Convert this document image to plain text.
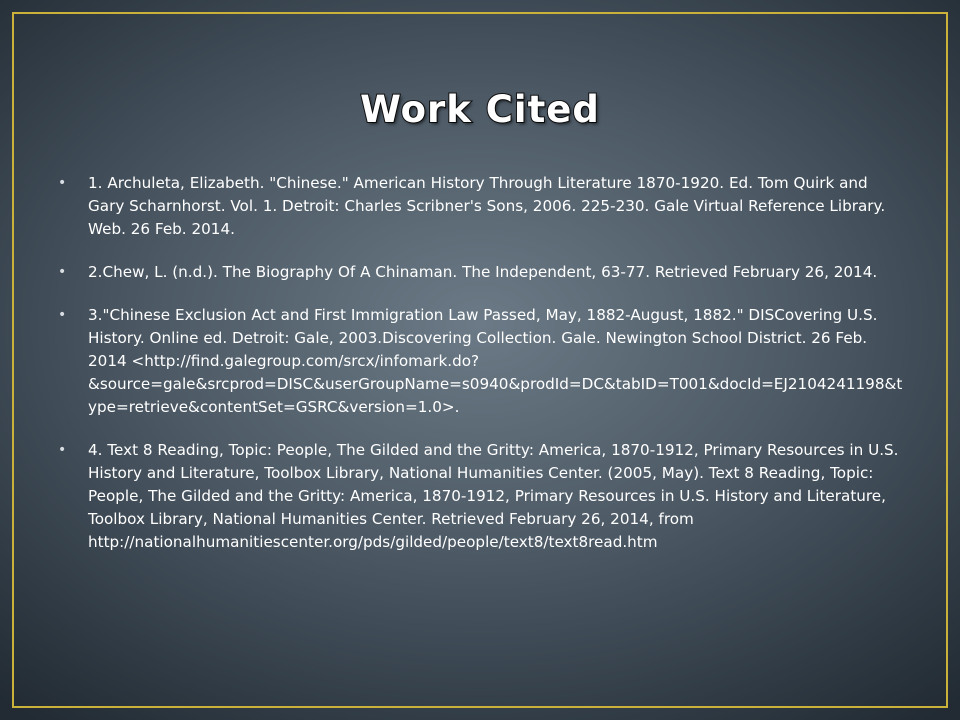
Work Cited
• 1. Archuleta, Elizabeth. "Chinese." American History Through Literature 1870-1920. Ed. Tom Quirk and Gary Scharnhorst. Vol. 1. Detroit: Charles Scribner's Sons, 2006. 225-230. Gale Virtual Reference Library. Web. 26 Feb. 2014.
• 2.Chew, L. (n.d.). The Biography Of A Chinaman. The Independent, 63-77. Retrieved February 26, 2014.
• 3."Chinese Exclusion Act and First Immigration Law Passed, May, 1882-August, 1882." DISCovering U.S. History. Online ed. Detroit: Gale, 2003.Discovering Collection. Gale. Newington School District. 26 Feb. 2014 <http://find.galegroup.com/srcx/infomark.do?&source=gale&srcprod=DISC&userGroupName=s0940&prodId=DC&tabID=T001&docId=EJ2104241198&type=retrieve&contentSet=GSRC&version=1.0>.
• 4. Text 8 Reading, Topic: People, The Gilded and the Gritty: America, 1870-1912, Primary Resources in U.S. History and Literature, Toolbox Library, National Humanities Center. (2005, May). Text 8 Reading, Topic: People, The Gilded and the Gritty: America, 1870-1912, Primary Resources in U.S. History and Literature, Toolbox Library, National Humanities Center. Retrieved February 26, 2014, from http://nationalhumanitiescenter.org/pds/gilded/people/text8/text8read.htm
